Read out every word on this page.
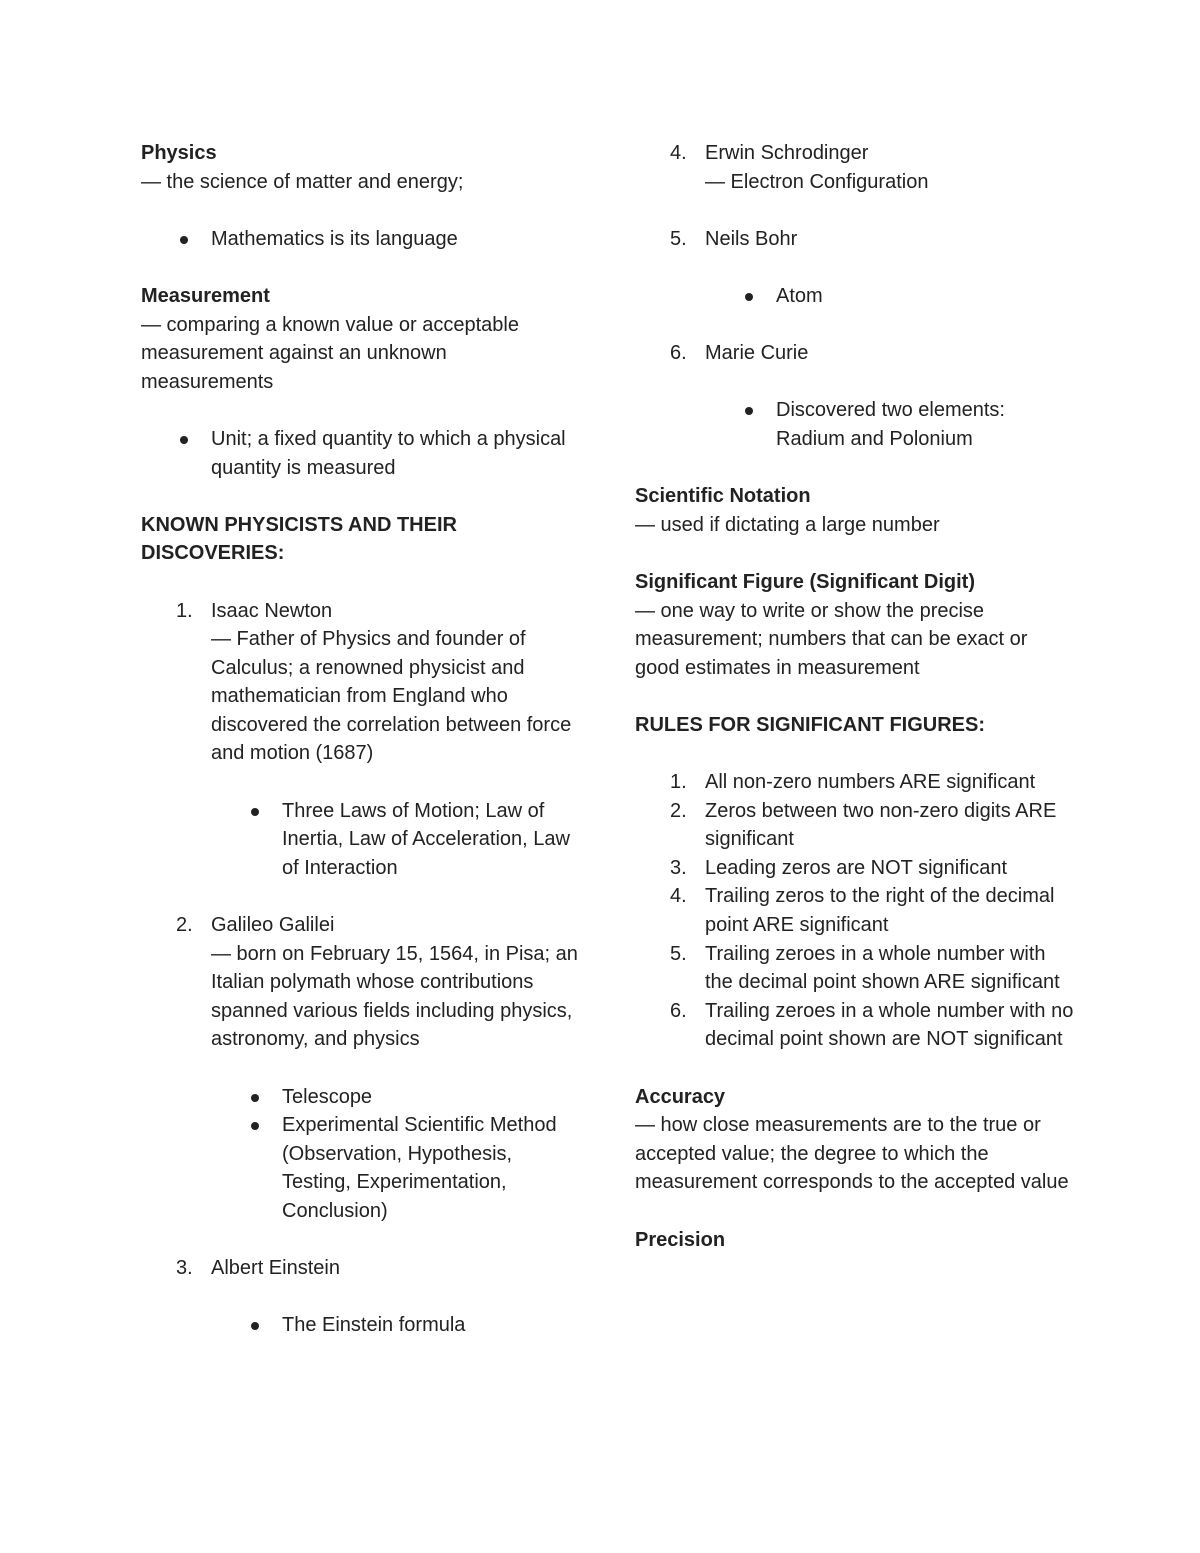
Physics
— the science of matter and energy;
Mathematics is its language
Measurement
— comparing a known value or acceptable measurement against an unknown measurements
Unit; a fixed quantity to which a physical quantity is measured
KNOWN PHYSICISTS AND THEIR DISCOVERIES:
1. Isaac Newton
— Father of Physics and founder of Calculus; a renowned physicist and mathematician from England who discovered the correlation between force and motion (1687)
Three Laws of Motion; Law of Inertia, Law of Acceleration, Law of Interaction
2. Galileo Galilei
— born on February 15, 1564, in Pisa; an Italian polymath whose contributions spanned various fields including physics, astronomy, and physics
Telescope
Experimental Scientific Method (Observation, Hypothesis, Testing, Experimentation, Conclusion)
3. Albert Einstein
The Einstein formula
4. Erwin Schrodinger
— Electron Configuration
5. Neils Bohr
Atom
6. Marie Curie
Discovered two elements: Radium and Polonium
Scientific Notation
— used if dictating a large number
Significant Figure (Significant Digit)
— one way to write or show the precise measurement; numbers that can be exact or good estimates in measurement
RULES FOR SIGNIFICANT FIGURES:
1. All non-zero numbers ARE significant
2. Zeros between two non-zero digits ARE significant
3. Leading zeros are NOT significant
4. Trailing zeros to the right of the decimal point ARE significant
5. Trailing zeroes in a whole number with the decimal point shown ARE significant
6. Trailing zeroes in a whole number with no decimal point shown are NOT significant
Accuracy
— how close measurements are to the true or accepted value; the degree to which the measurement corresponds to the accepted value
Precision
